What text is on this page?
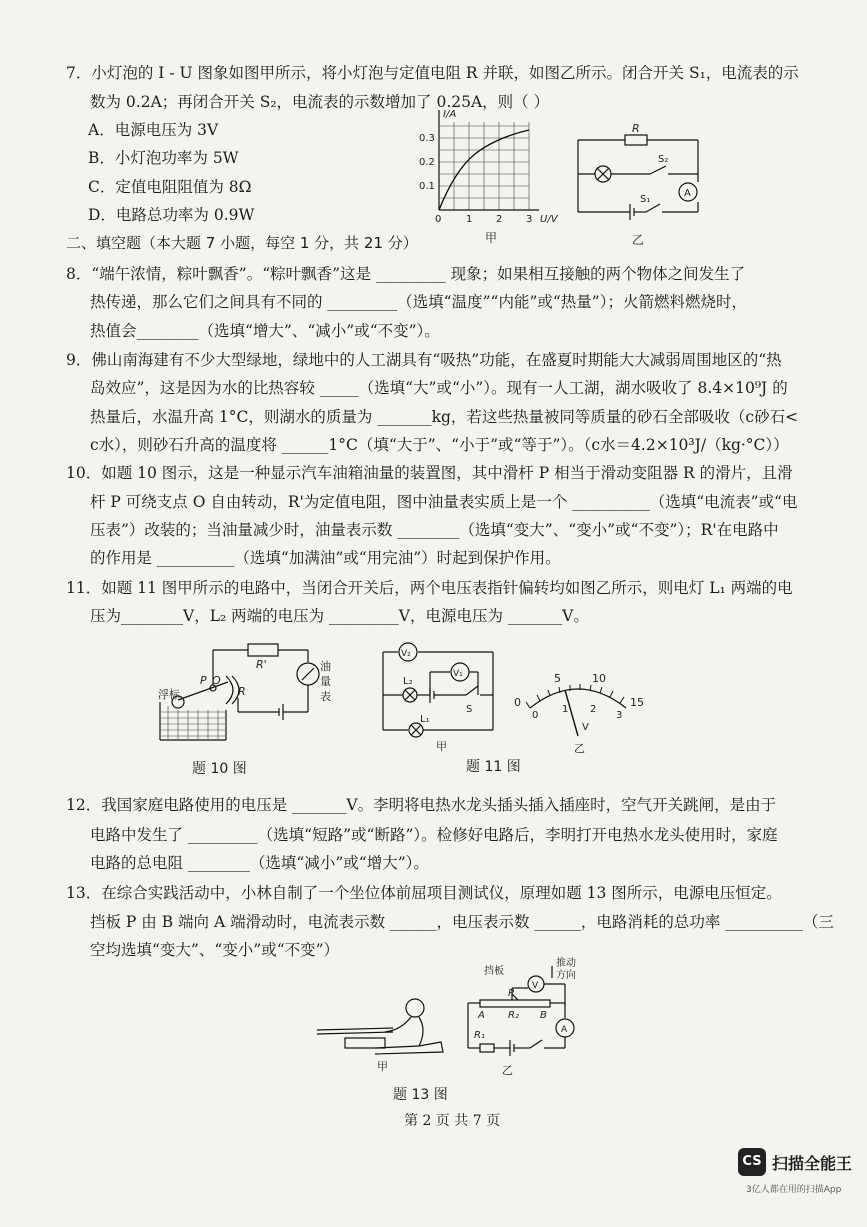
7．小灯泡的 I - U 图象如图甲所示，将小灯泡与定值电阻 R 并联，如图乙所示。闭合开关 S₁，电流表的示
数为 0.2A；再闭合开关 S₂，电流表的示数增加了 0.25A，则（ ）
A．电源电压为 3V
B．小灯泡功率为 5W
C．定值电阻阻值为 8Ω
D．电路总功率为 0.9W
I/A
U/V
0.3
0.2
0.1
0 1 2 3
甲
R
S₂
S₁
A
乙
二、填空题（本大题 7 小题，每空 1 分，共 21 分）
8．“端午浓情，粽叶飘香”。“粽叶飘香”这是 _________ 现象；如果相互接触的两个物体之间发生了
热传递，那么它们之间具有不同的 _________（选填“温度”“内能”或“热量”）；火箭燃料燃烧时，
热值会________（选填“增大”、“减小”或“不变”）。
9．佛山南海建有不少大型绿地，绿地中的人工湖具有“吸热”功能，在盛夏时期能大大减弱周围地区的“热
岛效应”，这是因为水的比热容较 _____（选填“大”或“小”）。现有一人工湖，湖水吸收了 8.4×10⁹J 的
热量后，水温升高 1°C，则湖水的质量为 _______kg，若这些热量被同等质量的砂石全部吸收（c砂石<
c水），则砂石升高的温度将 ______1°C（填“大于”、“小于”或“等于”）。（c水＝4.2×10³J/（kg·°C））
10．如题 10 图示，这是一种显示汽车油箱油量的装置图，其中滑杆 P 相当于滑动变阻器 R 的滑片，且滑
杆 P 可绕支点 O 自由转动，R'为定值电阻，图中油量表实质上是一个 __________（选填“电流表”或“电
压表”）改装的；当油量减少时，油量表示数 ________（选填“变大”、“变小”或“不变”）；R'在电路中
的作用是 __________（选填“加满油”或“用完油”）时起到保护作用。
11．如题 11 图甲所示的电路中，当闭合开关后，两个电压表指针偏转均如图乙所示，则电灯 L₁ 两端的电
压为________V，L₂ 两端的电压为 _________V，电源电压为 _______V。
P O
R
R'
浮标
油
量
表
题 10 图
V₂
V₁
L₂
L₁
S
甲
5	10
0	15
0
1 2
3
V
乙
题 11 图
12．我国家庭电路使用的电压是 _______V。李明将电热水龙头插头插入插座时，空气开关跳闸，是由于
电路中发生了 _________（选填“短路”或“断路”）。检修好电路后，李明打开电热水龙头使用时，家庭
电路的总电阻 ________（选填“减小”或“增大”）。
13．在综合实践活动中，小林自制了一个坐位体前屈项目测试仪，原理如题 13 图所示，电源电压恒定。
挡板 P 由 B 端向 A 端滑动时，电流表示数 ______，电压表示数 ______，电路消耗的总功率 __________（三
空均选填“变大”、“变小”或“不变”）
甲
挡板
推动
方向
P
A R₂ B
R₁
V
A
乙
题 13 图
第 2 页 共 7 页
CS 扫描全能王
3亿人都在用的扫描App
